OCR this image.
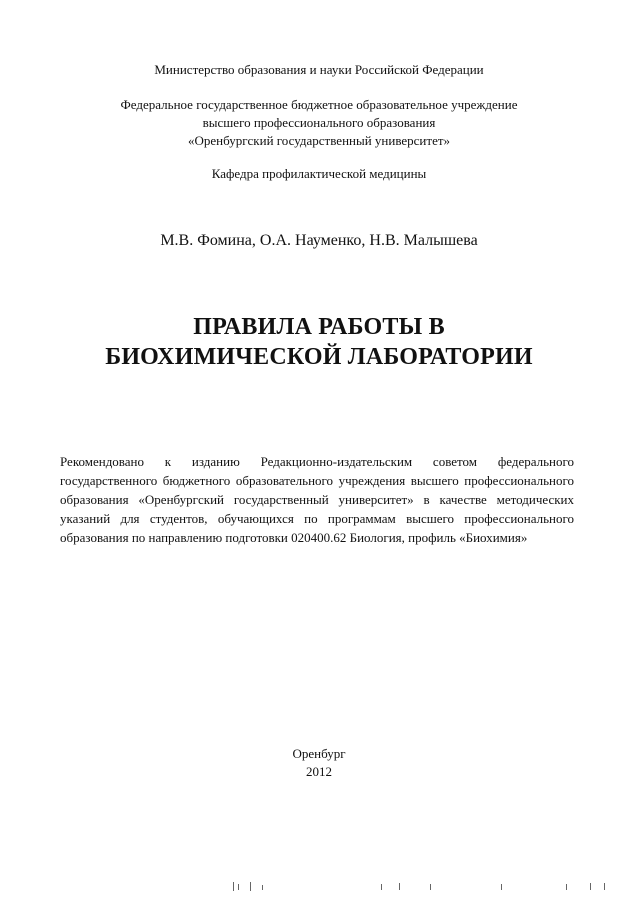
Министерство образования и науки Российской Федерации
Федеральное государственное бюджетное образовательное учреждение
высшего профессионального образования
«Оренбургский государственный университет»
Кафедра профилактической медицины
М.В. Фомина, О.А. Науменко, Н.В. Малышева
ПРАВИЛА РАБОТЫ В
БИОХИМИЧЕСКОЙ ЛАБОРАТОРИИ
Рекомендовано к изданию Редакционно-издательским советом федерального государственного бюджетного образовательного учреждения высшего профессионального образования «Оренбургский государственный университет» в качестве методических указаний для студентов, обучающихся по программам высшего профессионального образования по направлению подготовки 020400.62 Биология, профиль «Биохимия»
Оренбург
2012
